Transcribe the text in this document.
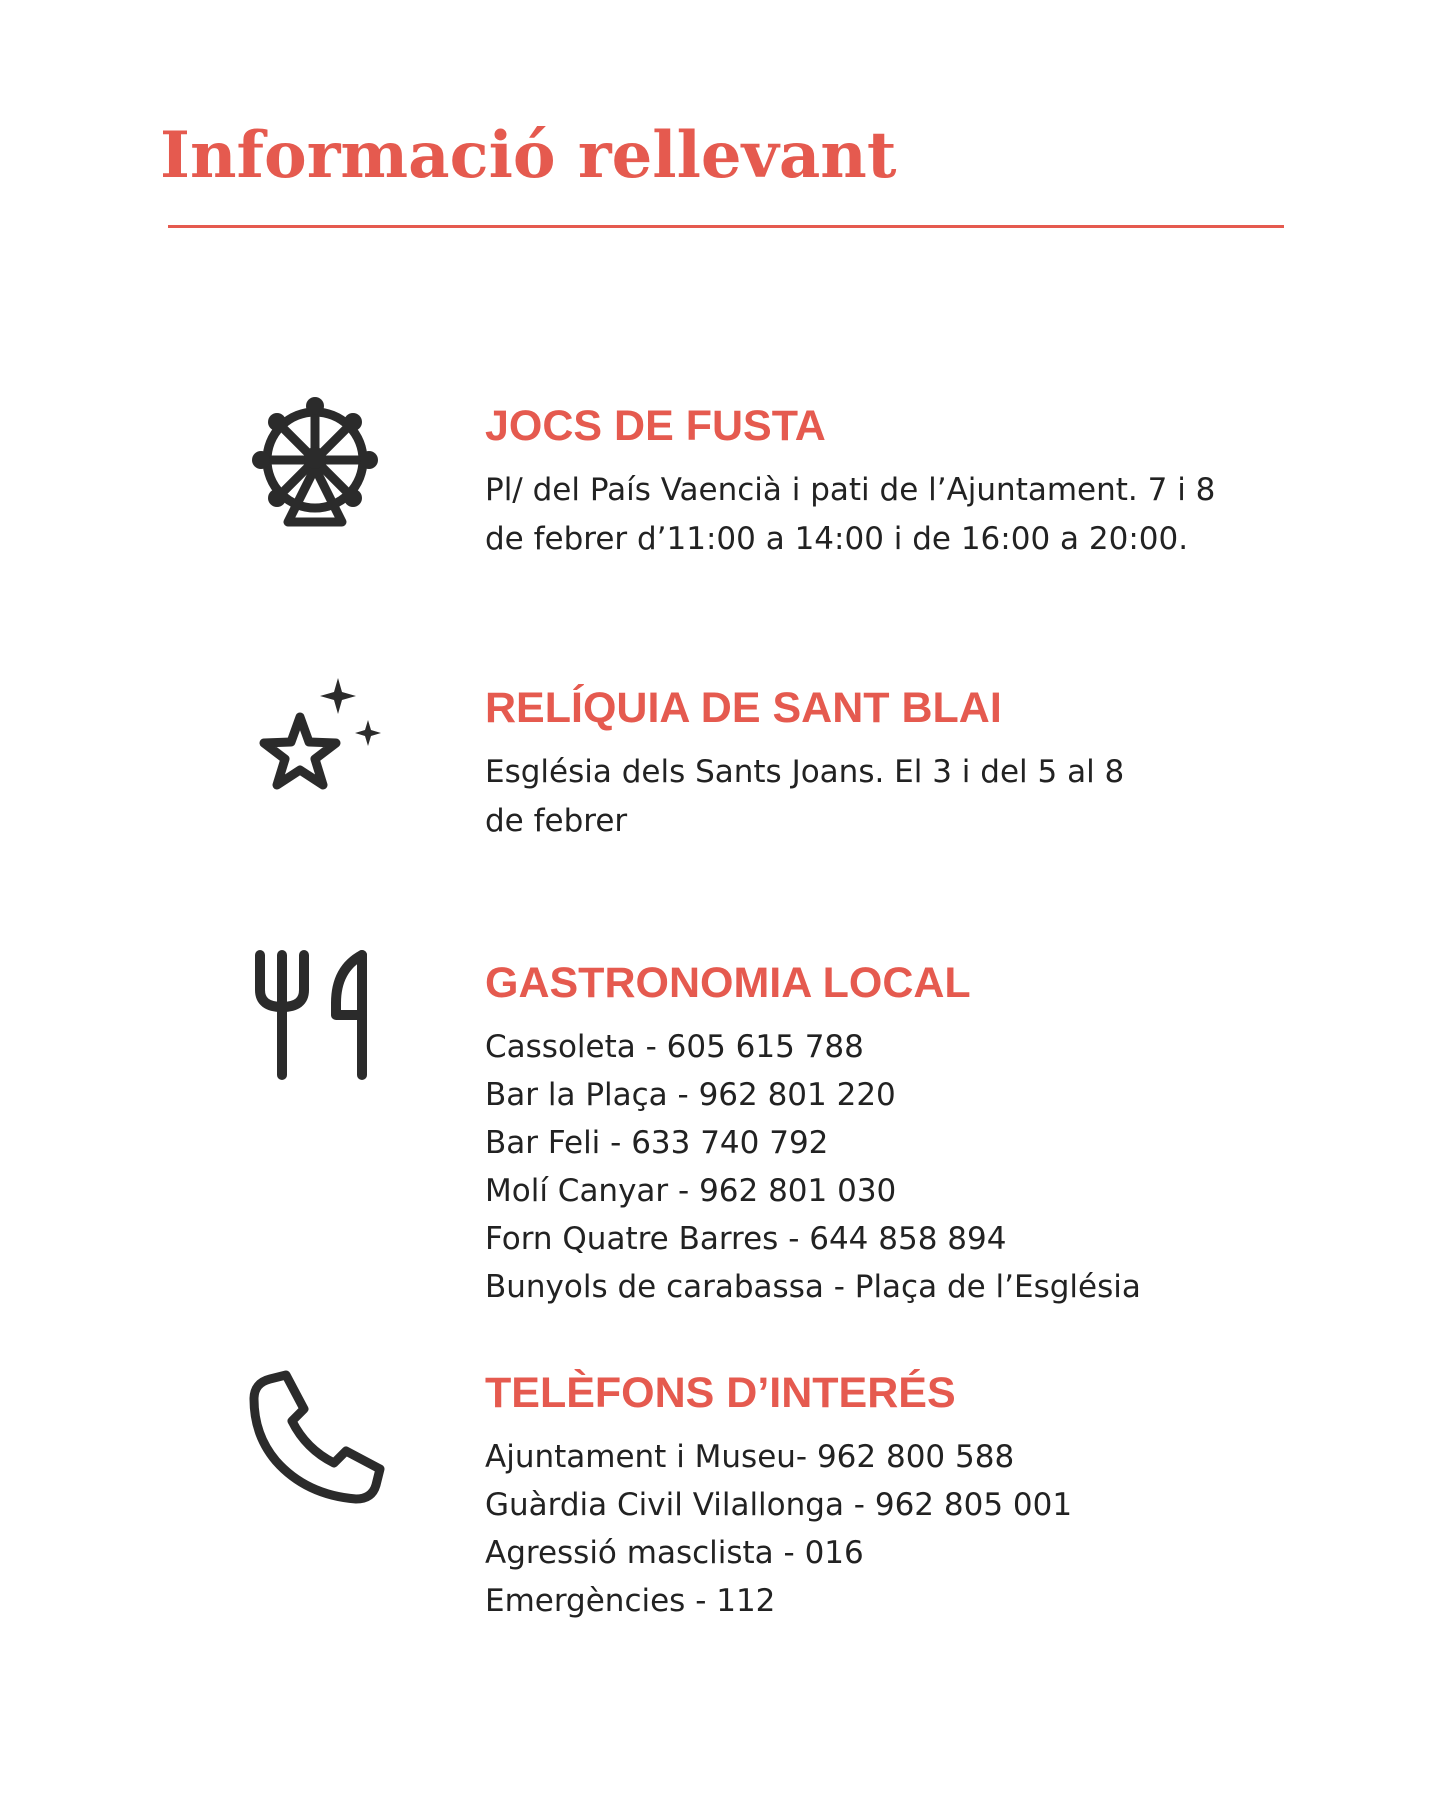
Informació rellevant
JOCS DE FUSTA

Pl/ del País Vaencià i pati de l’Ajuntament. 7 i 8 de febrer d’11:00 a 14:00 i de 16:00 a 20:00.

RELÍQUIA DE SANT BLAI

Església dels Sants Joans. El 3 i del 5 al 8 de febrer

GASTRONOMIA LOCAL
Cassoleta - 605 615 788
Bar la Plaça - 962 801 220
Bar Feli - 633 740 792
Molí Canyar - 962 801 030
Forn Quatre Barres - 644 858 894
Bunyols de carabassa - Plaça de l’Església
TELÈFONS D’INTERÉS
Ajuntament i Museu- 962 800 588
Guàrdia Civil Vilallonga - 962 805 001
Agressió masclista - 016
Emergències - 112
